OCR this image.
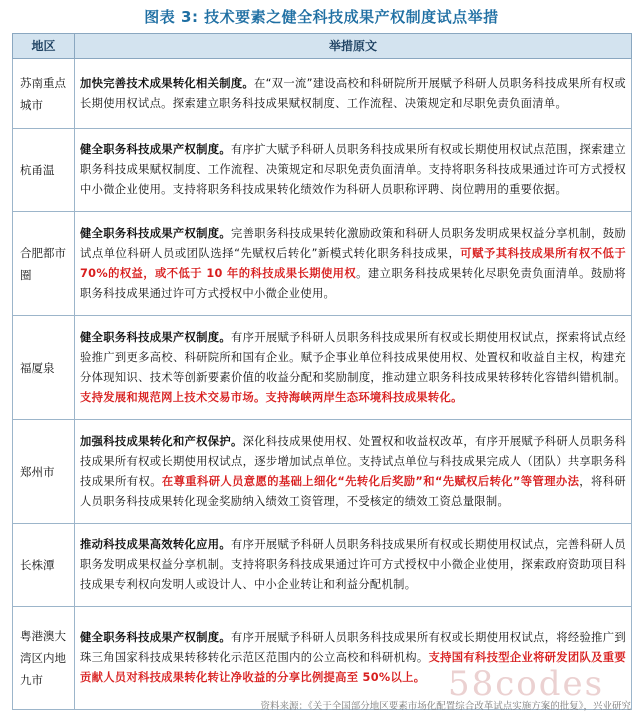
图表 3: 技术要素之健全科技成果产权制度试点举措
地区	举措原文
苏南重点城市	加快完善技术成果转化相关制度。在“双一流”建设高校和科研院所开展赋予科研人员职务科技成果所有权或长期使用权试点。探索建立职务科技成果赋权制度、工作流程、决策规定和尽职免责负面清单。
杭甬温	健全职务科技成果产权制度。有序扩大赋予科研人员职务科技成果所有权或长期使用权试点范围，探索建立职务科技成果赋权制度、工作流程、决策规定和尽职免责负面清单。支持将职务科技成果通过许可方式授权中小微企业使用。支持将职务科技成果转化绩效作为科研人员职称评聘、岗位聘用的重要依据。
合肥都市圈	健全职务科技成果产权制度。完善职务科技成果转化激励政策和科研人员职务发明成果权益分享机制，鼓励试点单位科研人员或团队选择“先赋权后转化”新模式转化职务科技成果，可赋予其科技成果所有权不低于 70%的权益，或不低于 10 年的科技成果长期使用权。建立职务科技成果转化尽职免责负面清单。鼓励将职务科技成果通过许可方式授权中小微企业使用。
福厦泉	健全职务科技成果产权制度。有序开展赋予科研人员职务科技成果所有权或长期使用权试点，探索将试点经验推广到更多高校、科研院所和国有企业。赋予企事业单位科技成果使用权、处置权和收益自主权，构建充分体现知识、技术等创新要素价值的收益分配和奖励制度，推动建立职务科技成果转移转化容错纠错机制。支持发展和规范网上技术交易市场。支持海峡两岸生态环境科技成果转化。
郑州市	加强科技成果转化和产权保护。深化科技成果使用权、处置权和收益权改革，有序开展赋予科研人员职务科技成果所有权或长期使用权试点，逐步增加试点单位。支持试点单位与科技成果完成人（团队）共享职务科技成果所有权。在尊重科研人员意愿的基础上细化“先转化后奖励”和“先赋权后转化”等管理办法，将科研人员职务科技成果转化现金奖励纳入绩效工资管理，不受核定的绩效工资总量限制。
长株潭	推动科技成果高效转化应用。有序开展赋予科研人员职务科技成果所有权或长期使用权试点，完善科研人员职务发明成果权益分享机制。支持将职务科技成果通过许可方式授权中小微企业使用，探索政府资助项目科技成果专利权向发明人或设计人、中小企业转让和利益分配机制。
粤港澳大湾区内地九市	健全职务科技成果产权制度。有序开展赋予科研人员职务科技成果所有权或长期使用权试点，将经验推广到珠三角国家科技成果转移转化示范区范围内的公立高校和科研机构。支持国有科技型企业将研发团队及重要贡献人员对科技成果转化转让净收益的分享比例提高至 50%以上。 58codes
资料来源：《关于全国部分地区要素市场化配置综合改革试点实施方案的批复》，兴业研究
